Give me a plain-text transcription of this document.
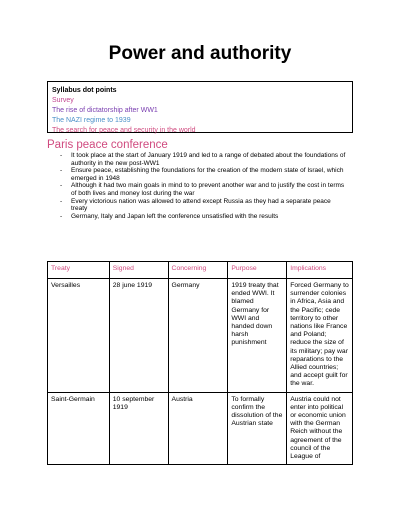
Power and authority
Syllabus dot points
Survey
The rise of dictatorship after WW1
The NAZI regime to 1939
The search for peace and security in the world
Paris peace conference
- It took place at the start of January 1919 and led to a range of debated about the foundations of authority in the new post-WW1
- Ensure peace, establishing the foundations for the creation of the modern state of Israel, which emerged in 1948
- Although it had two main goals in mind to to prevent another war and to justify the cost in terms of both lives and money lost during the war
- Every victorious nation was allowed to attend except Russia as they had a separate peace treaty
- Germany, Italy and Japan left the conference unsatisfied with the results
Treaty	Signed	Concerning	Purpose	Implications
Versailles	28 june 1919	Germany	1919 treaty that ended WWI. It blamed Germany for WWI and handed down harsh punishment	Forced Germany to surrender colonies in Africa, Asia and the Pacific; cede territory to other nations like France and Poland; reduce the size of its military; pay war reparations to the Allied countries; and accept guilt for the war.
Saint-Germain	10 september 1919	Austria	To formally confirm the dissolution of the Austrian state	Austria could not enter into political or economic union with the German Reich without the agreement of the council of the League of
